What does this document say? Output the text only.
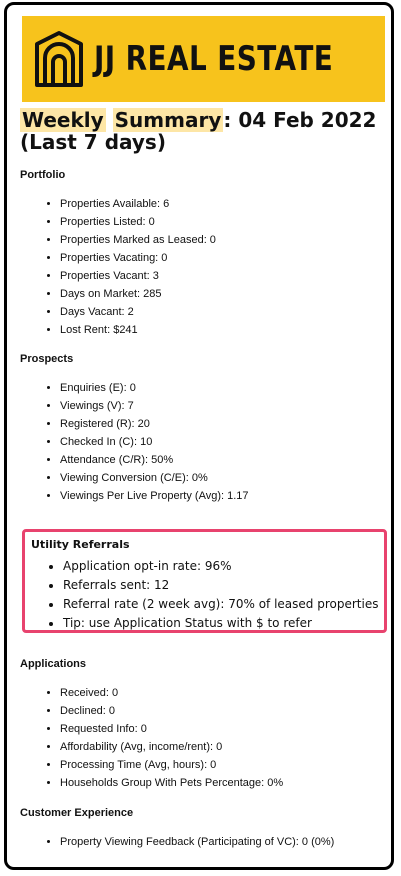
JJ REAL ESTATE
Weekly Summary : 04 Feb 2022 (Last 7 days)

Portfolio

• Properties Available: 6
• Properties Listed: 0
• Properties Marked as Leased: 0
• Properties Vacating: 0
• Properties Vacant: 3
• Days on Market: 285
• Days Vacant: 2
• Lost Rent: $241

Prospects

• Enquiries (E): 0
• Viewings (V): 7
• Registered (R): 20
• Checked In (C): 10
• Attendance (C/R): 50%
• Viewing Conversion (C/E): 0%
• Viewings Per Live Property (Avg): 1.17

Utility Referrals

• Application opt-in rate: 96%
• Referrals sent: 12
• Referral rate (2 week avg): 70% of leased properties
• Tip: use Application Status with $ to refer

Applications

• Received: 0
• Declined: 0
• Requested Info: 0
• Affordability (Avg, income/rent): 0
• Processing Time (Avg, hours): 0
• Households Group With Pets Percentage: 0%

Customer Experience

• Property Viewing Feedback (Participating of VC): 0 (0%)
